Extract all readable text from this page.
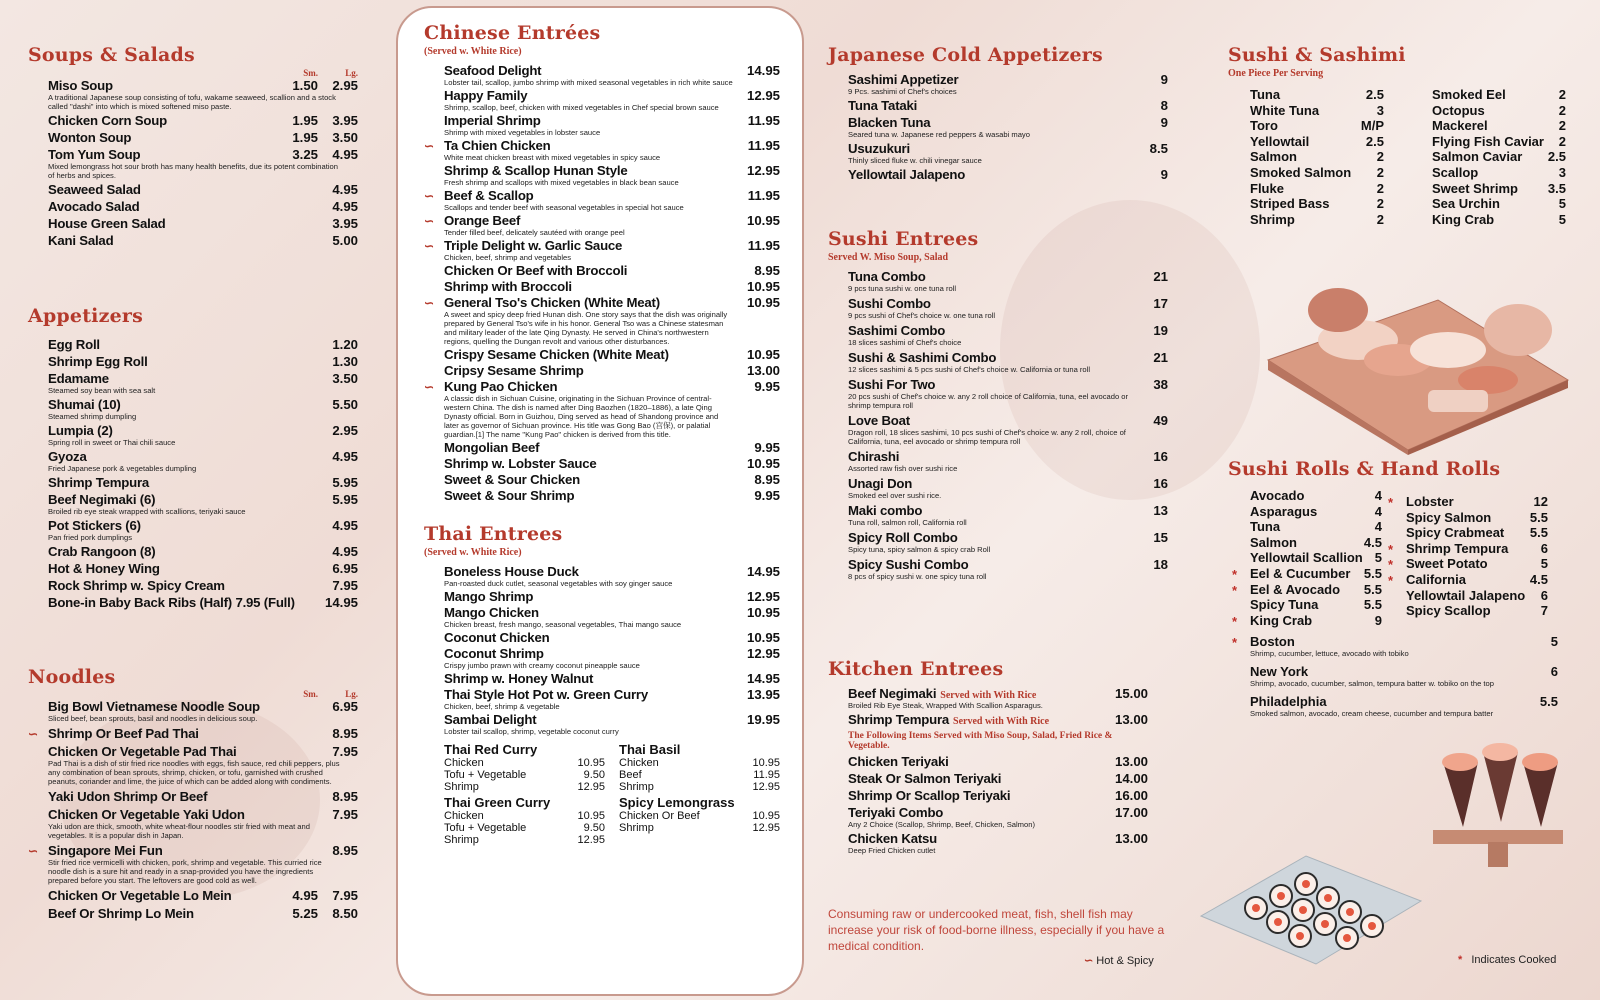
Soups & Salads
Sm.	Lg.
Miso Soup	1.50	2.95
A traditional Japanese soup consisting of tofu, wakame seaweed, scallion and a stock called "dashi" into which is mixed softened miso paste.
Chicken Corn Soup	1.95	3.95
Wonton Soup	1.95	3.50
Tom Yum Soup	3.25	4.95
Mixed lemongrass hot sour broth has many health benefits, due its potent combination of herbs and spices.
Seaweed Salad	4.95
Avocado Salad	4.95
House Green Salad	3.95
Kani Salad	5.00
Appetizers
Egg Roll	1.20
Shrimp Egg Roll	1.30
Edamame	3.50
Steamed soy bean with sea salt
Shumai (10)	5.50
Steamed shrimp dumpling
Lumpia (2)	2.95
Spring roll in sweet or Thai chili sauce
Gyoza	4.95
Fried Japanese pork & vegetables dumpling
Shrimp Tempura	5.95
Beef Negimaki (6)	5.95
Broiled rib eye steak wrapped with scallions, teriyaki sauce
Pot Stickers (6)	4.95
Pan fried pork dumplings
Crab Rangoon (8)	4.95
Hot & Honey Wing	6.95
Rock Shrimp w. Spicy Cream	7.95
Bone-in Baby Back Ribs (Half) 7.95 (Full)	14.95
Noodles
Sm.	Lg.
Big Bowl Vietnamese Noodle Soup	6.95
Sliced beef, bean sprouts, basil and noodles in delicious soup.
∽ Shrimp Or Beef Pad Thai	8.95
Chicken Or Vegetable Pad Thai	7.95
Pad Thai is a dish of stir fried rice noodles with eggs, fish sauce, red chili peppers, plus any combination of bean sprouts, shrimp, chicken, or tofu, garnished with crushed peanuts, coriander and lime, the juice of which can be added along with condiments.
Yaki Udon Shrimp Or Beef	8.95
Chicken Or Vegetable Yaki Udon	7.95
Yaki udon are thick, smooth, white wheat-flour noodles stir fried with meat and vegetables. It is a popular dish in Japan.
∽ Singapore Mei Fun	8.95
Stir fried rice vermicelli with chicken, pork, shrimp and vegetable. This curried rice noodle dish is a sure hit and ready in a snap-provided you have the ingredients prepared before you start. The leftovers are good cold as well.
Chicken Or Vegetable Lo Mein	4.95	7.95
Beef Or Shrimp Lo Mein	5.25	8.50
Chinese Entrées
(Served w. White Rice)
Seafood Delight	14.95
Lobster tail, scallop, jumbo shrimp with mixed seasonal vegetables in rich white sauce
Happy Family	12.95
Shrimp, scallop, beef, chicken with mixed vegetables in Chef special brown sauce
Imperial Shrimp	11.95
Shrimp with mixed vegetables in lobster sauce
∽ Ta Chien Chicken	11.95
White meat chicken breast with mixed vegetables in spicy sauce
Shrimp & Scallop Hunan Style	12.95
Fresh shrimp and scallops with mixed vegetables in black bean sauce
∽ Beef & Scallop	11.95
Scallops and tender beef with seasonal vegetables in special hot sauce
∽ Orange Beef	10.95
Tender filled beef, delicately sautéed with orange peel
∽ Triple Delight w. Garlic Sauce	11.95
Chicken, beef, shrimp and vegetables
Chicken Or Beef with Broccoli	8.95
Shrimp with Broccoli	10.95
∽ General Tso's Chicken (White Meat)	10.95
A sweet and spicy deep fried Hunan dish. One story says that the dish was originally prepared by General Tso's wife in his honor. General Tso was a Chinese statesman and military leader of the late Qing Dynasty. He served in China's northwestern regions, quelling the Dungan revolt and various other disturbances.
Crispy Sesame Chicken (White Meat)	10.95
Cripsy Sesame Shrimp	13.00
∽ Kung Pao Chicken	9.95
A classic dish in Sichuan Cuisine, originating in the Sichuan Province of central-western China. The dish is named after Ding Baozhen (1820–1886), a late Qing Dynasty official. Born in Guizhou, Ding served as head of Shandong province and later as governor of Sichuan province. His title was Gong Bao (宫保), or palatial guardian.[1] The name "Kung Pao" chicken is derived from this title.
Mongolian Beef	9.95
Shrimp w. Lobster Sauce	10.95
Sweet & Sour Chicken	8.95
Sweet & Sour Shrimp	9.95
Thai Entrees
(Served w. White Rice)
Boneless House Duck	14.95
Pan-roasted duck cutlet, seasonal vegetables with soy ginger sauce
Mango Shrimp	12.95
Mango Chicken	10.95
Chicken breast, fresh mango, seasonal vegetables, Thai mango sauce
Coconut Chicken	10.95
Coconut Shrimp	12.95
Crispy jumbo prawn with creamy coconut pineapple sauce
Shrimp w. Honey Walnut	14.95
Thai Style Hot Pot w. Green Curry	13.95
Chicken, beef, shrimp & vegetable
Sambai Delight	19.95
Lobster tail scallop, shrimp, vegetable coconut curry
Thai Red Curry
Chicken	10.95
Tofu + Vegetable	9.50
Shrimp	12.95
Thai Basil
Chicken	10.95
Beef	11.95
Shrimp	12.95
Thai Green Curry
Chicken	10.95
Tofu + Vegetable	9.50
Shrimp	12.95
Spicy Lemongrass
Chicken Or Beef	10.95
Shrimp	12.95
Japanese Cold Appetizers
Sashimi Appetizer	9
9 Pcs. sashimi of Chef's choices
Tuna Tataki	8
Blacken Tuna	9
Seared tuna w. Japanese red peppers & wasabi mayo
Usuzukuri	8.5
Thinly sliced fluke w. chili vinegar sauce
Yellowtail Jalapeno	9
Sushi Entrees
Served W. Miso Soup, Salad
Tuna Combo	21
9 pcs tuna sushi w. one tuna roll
Sushi Combo	17
9 pcs sushi of Chef's choice w. one tuna roll
Sashimi Combo	19
18 slices sashimi of Chef's choice
Sushi & Sashimi Combo	21
12 slices sashimi & 5 pcs sushi of Chef's choice w. California or tuna roll
Sushi For Two	38
20 pcs sushi of Chef's choice w. any 2 roll choice of California, tuna, eel avocado or shrimp tempura roll
Love Boat	49
Dragon roll, 18 slices sashimi, 10 pcs sushi of Chef's choice w. any 2 roll, choice of California, tuna, eel avocado or shrimp tempura roll
Chirashi	16
Assorted raw fish over sushi rice
Unagi Don	16
Smoked eel over sushi rice.
Maki combo	13
Tuna roll, salmon roll, California roll
Spicy Roll Combo	15
Spicy tuna, spicy salmon & spicy crab Roll
Spicy Sushi Combo	18
8 pcs of spicy sushi w. one spicy tuna roll
Kitchen Entrees
Beef Negimaki Served with With Rice	15.00
Broiled Rib Eye Steak, Wrapped With Scallion Asparagus.
Shrimp Tempura Served with With Rice	13.00
The Following Items Served with Miso Soup, Salad, Fried Rice & Vegetable.
Chicken Teriyaki	13.00
Steak Or Salmon Teriyaki	14.00
Shrimp Or Scallop Teriyaki	16.00
Teriyaki Combo	17.00
Any 2 Choice (Scallop, Shrimp, Beef, Chicken, Salmon)
Chicken Katsu	13.00
Deep Fried Chicken cutlet
Consuming raw or undercooked meat, fish, shell fish may increase your risk of food-borne illness, especially if you have a medical condition.
∽ Hot & Spicy
Sushi & Sashimi
One Piece Per Serving
Tuna	2.5
White Tuna	3
Toro	M/P
Yellowtail	2.5
Salmon	2
Smoked Salmon	2
Fluke	2
Striped Bass	2
Shrimp	2
Smoked Eel	2
Octopus	2
Mackerel	2
Flying Fish Caviar	2
Salmon Caviar	2.5
Scallop	3
Sweet Shrimp	3.5
Sea Urchin	5
King Crab	5
Sushi Rolls & Hand Rolls
Avocado	4
Asparagus	4
Tuna	4
Salmon	4.5
Yellowtail Scallion 5
* Eel & Cucumber	5.5
* Eel & Avocado	5.5
Spicy Tuna	5.5
* King Crab	9
* Lobster	12
Spicy Salmon	5.5
Spicy Crabmeat	5.5
* Shrimp Tempura	6
* Sweet Potato	5
* California	4.5
Yellowtail Jalapeno	6
Spicy Scallop	7
* Boston	5
Shrimp, cucumber, lettuce, avocado with tobiko
New York	6
Shrimp, avocado, cucumber, salmon, tempura batter w. tobiko on the top
Philadelphia	5.5
Smoked salmon, avocado, cream cheese, cucumber and tempura batter
* Indicates Cooked
